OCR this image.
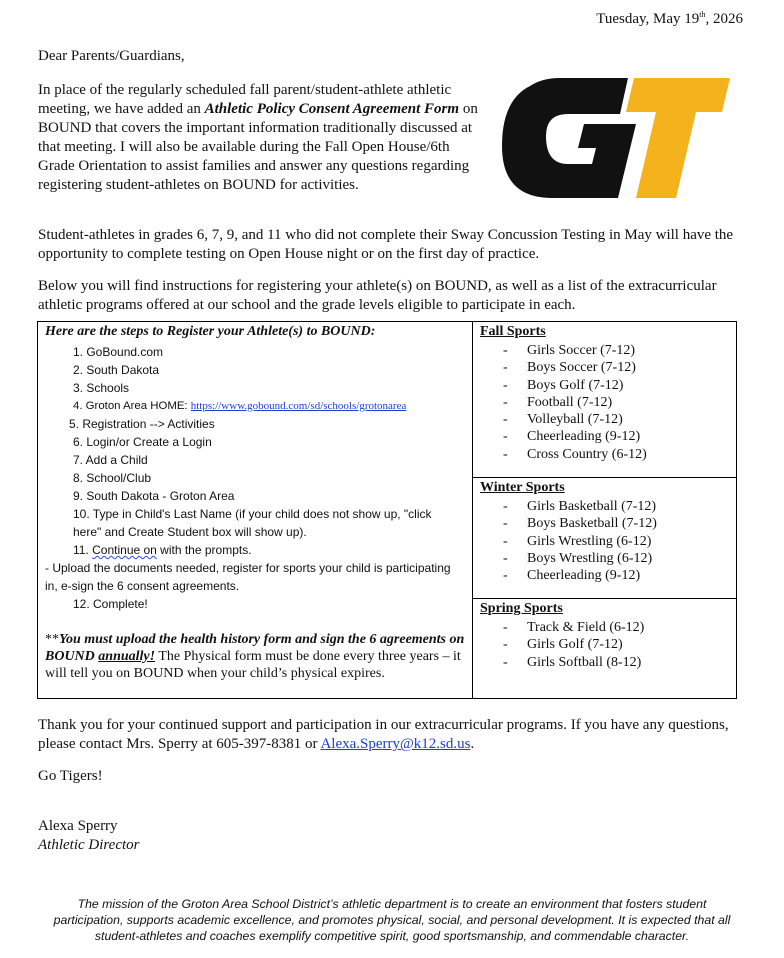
Tuesday, May 19th, 2026

Dear Parents/Guardians,

In place of the regularly scheduled fall parent/student-athlete athletic meeting, we have added an Athletic Policy Consent Agreement Form on BOUND that covers the important information traditionally discussed at that meeting. I will also be available during the Fall Open House/6th Grade Orientation to assist families and answer any questions regarding registering student-athletes on BOUND for activities.

GT

Student-athletes in grades 6, 7, 9, and 11 who did not complete their Sway Concussion Testing in May will have the opportunity to complete testing on Open House night or on the first day of practice.

Below you will find instructions for registering your athlete(s) on BOUND, as well as a list of the extracurricular athletic programs offered at our school and the grade levels eligible to participate in each.

Here are the steps to Register your Athlete(s) to BOUND:
1. GoBound.com
2. South Dakota
3. Schools
4. Groton Area HOME: https://www.gobound.com/sd/schools/grotonarea
5. Registration --> Activities
6. Login/or Create a Login
7. Add a Child
8. School/Club
9. South Dakota - Groton Area
10. Type in Child's Last Name (if your child does not show up, "click here" and Create Student box will show up).
11. Continue on with the prompts.
- Upload the documents needed, register for sports your child is participating in, e-sign the 6 consent agreements.
12. Complete!
**You must upload the health history form and sign the 6 agreements on BOUND annually! The Physical form must be done every three years – it will tell you on BOUND when your child’s physical expires.

Fall Sports
- Girls Soccer (7-12)
- Boys Soccer (7-12)
- Boys Golf (7-12)
- Football (7-12)
- Volleyball (7-12)
- Cheerleading (9-12)
- Cross Country (6-12)

Winter Sports
- Girls Basketball (7-12)
- Boys Basketball (7-12)
- Girls Wrestling (6-12)
- Boys Wrestling (6-12)
- Cheerleading (9-12)

Spring Sports
- Track & Field (6-12)
- Girls Golf (7-12)
- Girls Softball (8-12)

Thank you for your continued support and participation in our extracurricular programs. If you have any questions, please contact Mrs. Sperry at 605-397-8381 or Alexa.Sperry@k12.sd.us.

Go Tigers!

Alexa Sperry

Athletic Director

The mission of the Groton Area School District’s athletic department is to create an environment that fosters student participation, supports academic excellence, and promotes physical, social, and personal development. It is expected that all student-athletes and coaches exemplify competitive spirit, good sportsmanship, and commendable character.
